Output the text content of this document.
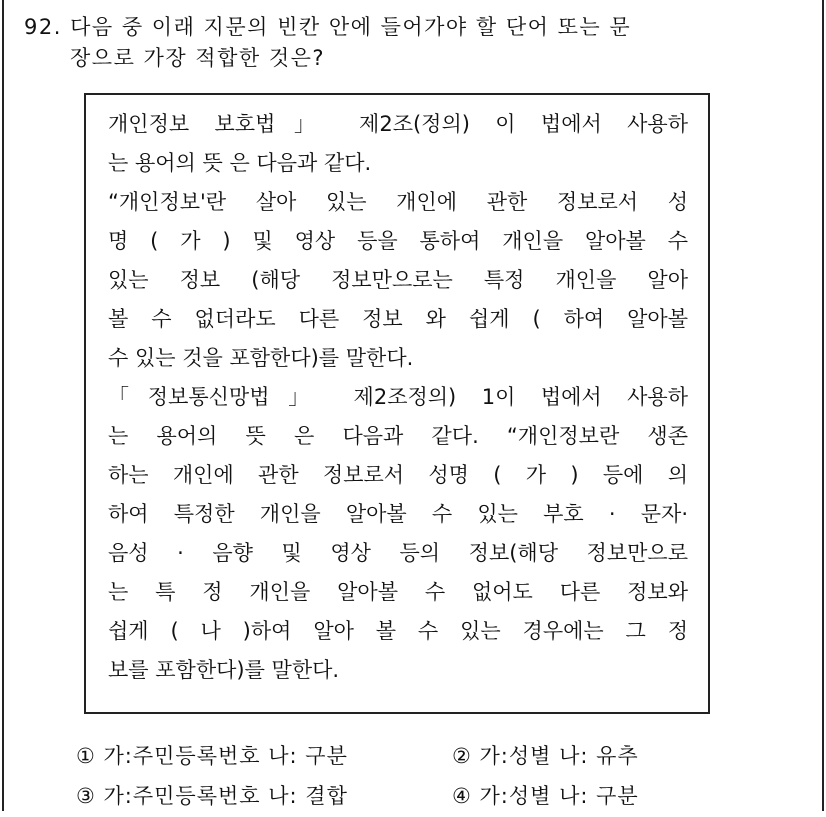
92. 다음 중 이래 지문의 빈칸 안에 들어가야 할 단어 또는 문
장으로 가장 적합한 것은?
개인정보 보호법」 제2조(정의) 이 법에서 사용하
는 용어의 뜻 은 다음과 같다.
“개인정보'란 살아 있는 개인에 관한 정보로서 성
명 ( 가 ) 및 영상 등을 통하여 개인을 알아볼 수
있는 정보 (해당 정보만으로는 특정 개인을 알아
볼 수 없더라도 다른 정보 와 쉽게 ( 하여 알아볼
수 있는 것을 포함한다)를 말한다.
「정보통신망법」 제2조정의) 1이 법에서 사용하
는 용어의 뜻 은 다음과 같다. “개인정보란 생존
하는 개인에 관한 정보로서 성명 ( 가 ) 등에 의
하여 특정한 개인을 알아볼 수 있는 부호 · 문자·
음성 · 음향 및 영상 등의 정보(해당 정보만으로
는 특 정 개인을 알아볼 수 없어도 다른 정보와
쉽게 ( 나 )하여 알아 볼 수 있는 경우에는 그 정
보를 포함한다)를 말한다.
① 가:주민등록번호 나: 구분	② 가:성별 나: 유추
③ 가:주민등록번호 나: 결합	④ 가:성별 나: 구분
